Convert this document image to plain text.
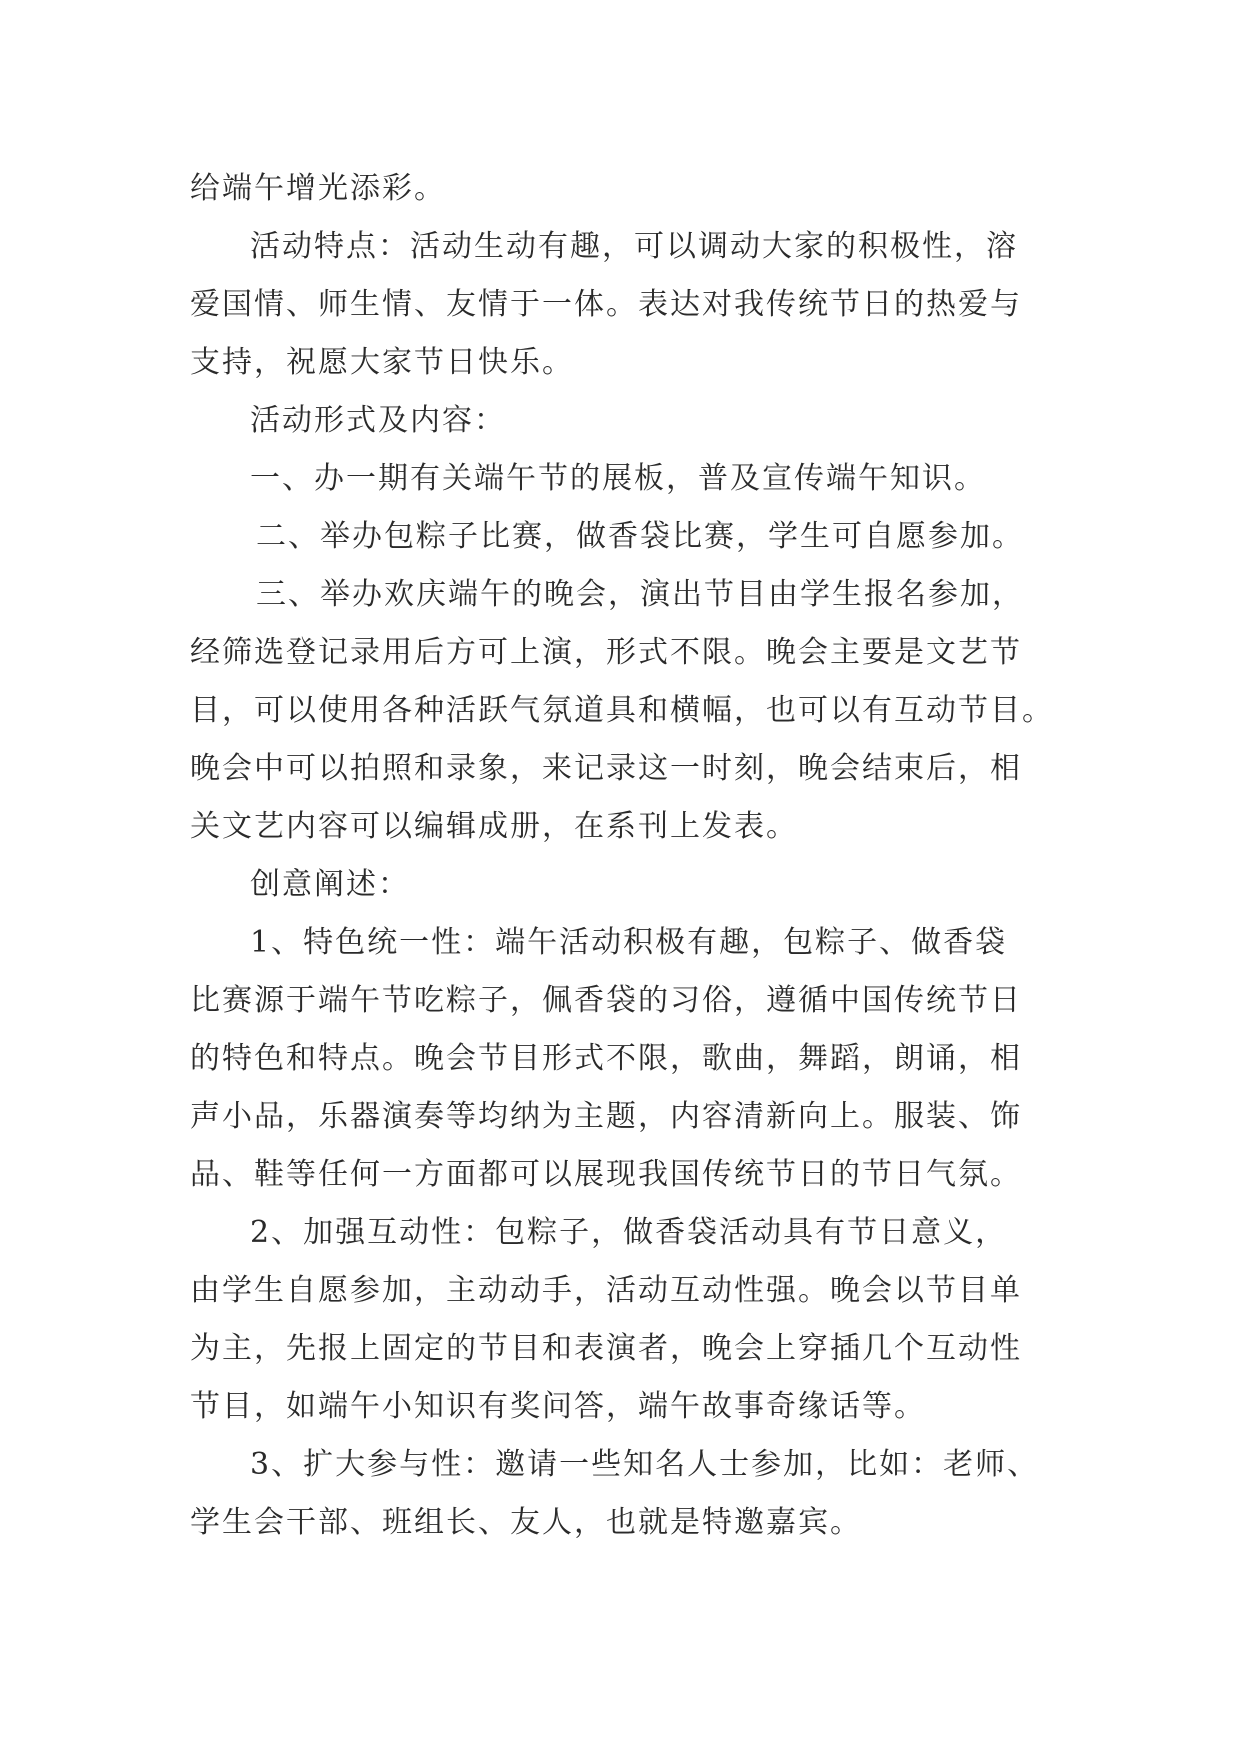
给端午增光添彩。
活动特点：活动生动有趣，可以调动大家的积极性，溶
爱国情、师生情、友情于一体。表达对我传统节日的热爱与
支持，祝愿大家节日快乐。
活动形式及内容：
一、办一期有关端午节的展板，普及宣传端午知识。
二、举办包粽子比赛，做香袋比赛，学生可自愿参加。
三、举办欢庆端午的晚会，演出节目由学生报名参加，
经筛选登记录用后方可上演，形式不限。晚会主要是文艺节
目，可以使用各种活跃气氛道具和横幅，也可以有互动节目。
晚会中可以拍照和录象，来记录这一时刻，晚会结束后，相
关文艺内容可以编辑成册，在系刊上发表。
创意阐述：
1、特色统一性：端午活动积极有趣，包粽子、做香袋
比赛源于端午节吃粽子，佩香袋的习俗，遵循中国传统节日
的特色和特点。晚会节目形式不限，歌曲，舞蹈，朗诵，相
声小品，乐器演奏等均纳为主题，内容清新向上。服装、饰
品、鞋等任何一方面都可以展现我国传统节日的节日气氛。
2、加强互动性：包粽子，做香袋活动具有节日意义，
由学生自愿参加，主动动手，活动互动性强。晚会以节目单
为主，先报上固定的节目和表演者，晚会上穿插几个互动性
节目，如端午小知识有奖问答，端午故事奇缘话等。
3、扩大参与性：邀请一些知名人士参加，比如：老师、
学生会干部、班组长、友人，也就是特邀嘉宾。
